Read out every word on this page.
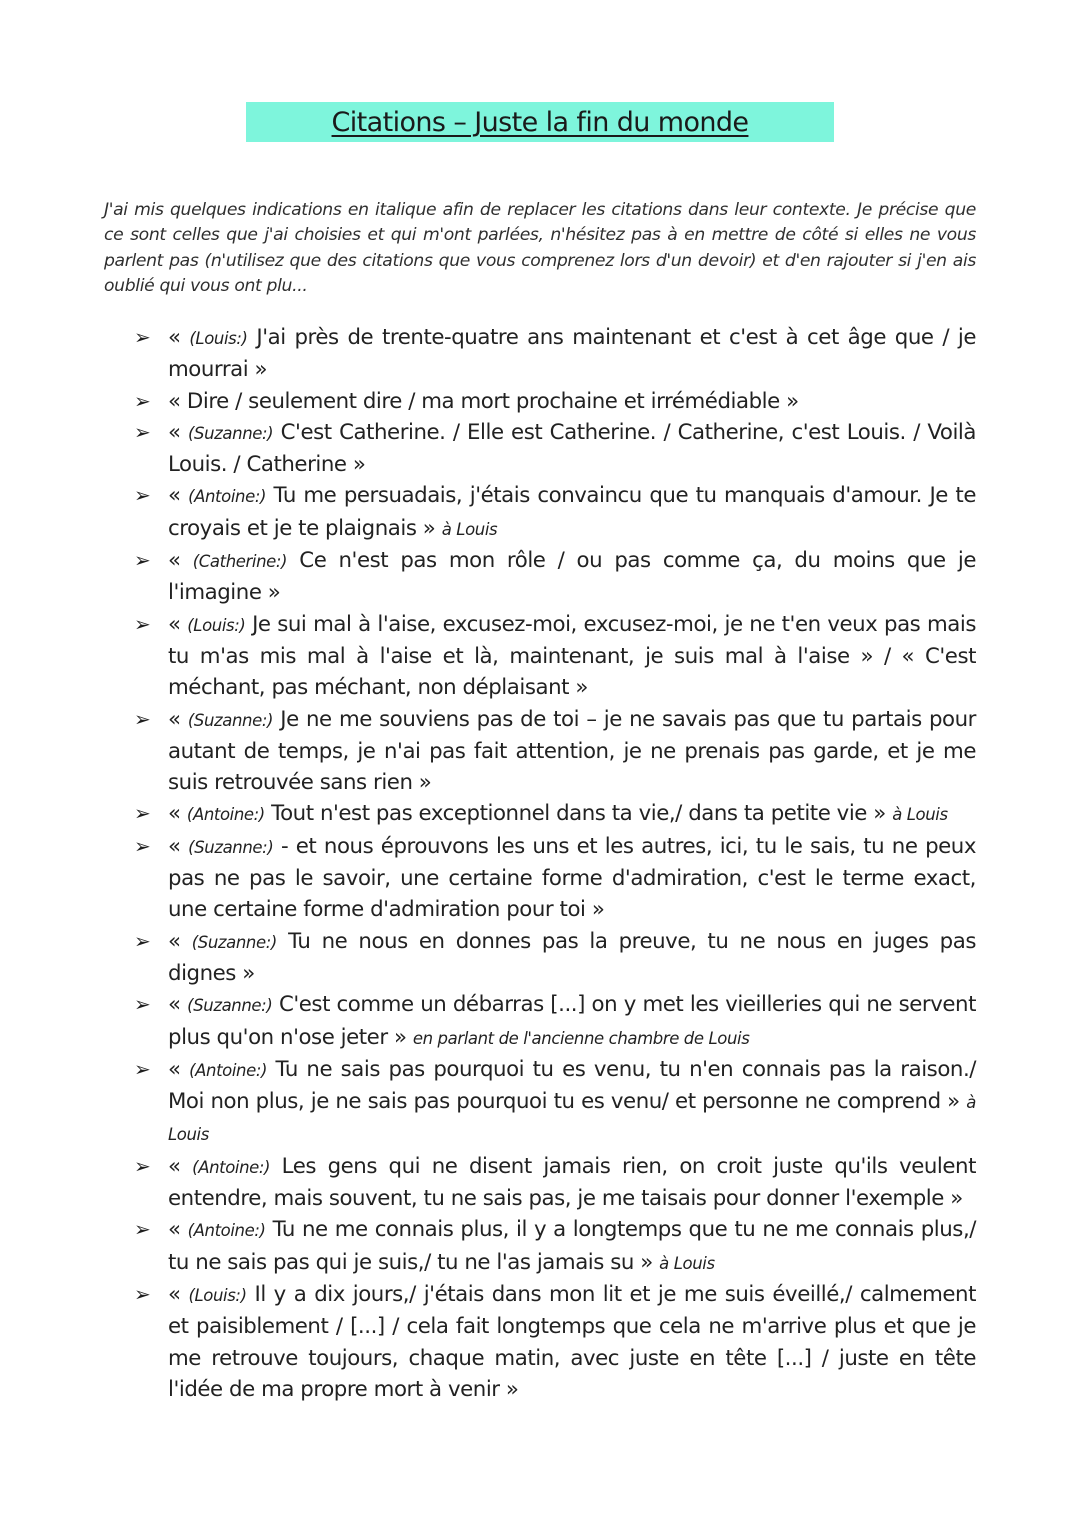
Citations – Juste la fin du monde

J'ai mis quelques indications en italique afin de replacer les citations dans leur contexte. Je précise que ce sont celles que j'ai choisies et qui m'ont parlées, n'hésitez pas à en mettre de côté si elles ne vous parlent pas (n'utilisez que des citations que vous comprenez lors d'un devoir) et d'en rajouter si j'en ais oublié qui vous ont plu...

➢ « (Louis:) J'ai près de trente-quatre ans maintenant et c'est à cet âge que / je mourrai »
➢ « Dire / seulement dire / ma mort prochaine et irrémédiable »
➢ « (Suzanne:) C'est Catherine. / Elle est Catherine. / Catherine, c'est Louis. / Voilà Louis. / Catherine »
➢ « (Antoine:) Tu me persuadais, j'étais convaincu que tu manquais d'amour. Je te croyais et je te plaignais » à Louis
➢ « (Catherine:) Ce n'est pas mon rôle / ou pas comme ça, du moins que je l'imagine »
➢ « (Louis:) Je sui mal à l'aise, excusez-moi, excusez-moi, je ne t'en veux pas mais tu m'as mis mal à l'aise et là, maintenant, je suis mal à l'aise » / « C'est méchant, pas méchant, non déplaisant »
➢ « (Suzanne:) Je ne me souviens pas de toi – je ne savais pas que tu partais pour autant de temps, je n'ai pas fait attention, je ne prenais pas garde, et je me suis retrouvée sans rien »
➢ « (Antoine:) Tout n'est pas exceptionnel dans ta vie,/ dans ta petite vie » à Louis
➢ « (Suzanne:) - et nous éprouvons les uns et les autres, ici, tu le sais, tu ne peux pas ne pas le savoir, une certaine forme d'admiration, c'est le terme exact, une certaine forme d'admiration pour toi »
➢ « (Suzanne:) Tu ne nous en donnes pas la preuve, tu ne nous en juges pas dignes »
➢ « (Suzanne:) C'est comme un débarras [...] on y met les vieilleries qui ne servent plus qu'on n'ose jeter » en parlant de l'ancienne chambre de Louis
➢ « (Antoine:) Tu ne sais pas pourquoi tu es venu, tu n'en connais pas la raison./ Moi non plus, je ne sais pas pourquoi tu es venu/ et personne ne comprend » à Louis
➢ « (Antoine:) Les gens qui ne disent jamais rien, on croit juste qu'ils veulent entendre, mais souvent, tu ne sais pas, je me taisais pour donner l'exemple »
➢ « (Antoine:) Tu ne me connais plus, il y a longtemps que tu ne me connais plus,/ tu ne sais pas qui je suis,/ tu ne l'as jamais su » à Louis
➢ « (Louis:) Il y a dix jours,/ j'étais dans mon lit et je me suis éveillé,/ calmement et paisiblement / [...] / cela fait longtemps que cela ne m'arrive plus et que je me retrouve toujours, chaque matin, avec juste en tête [...] / juste en tête l'idée de ma propre mort à venir »
